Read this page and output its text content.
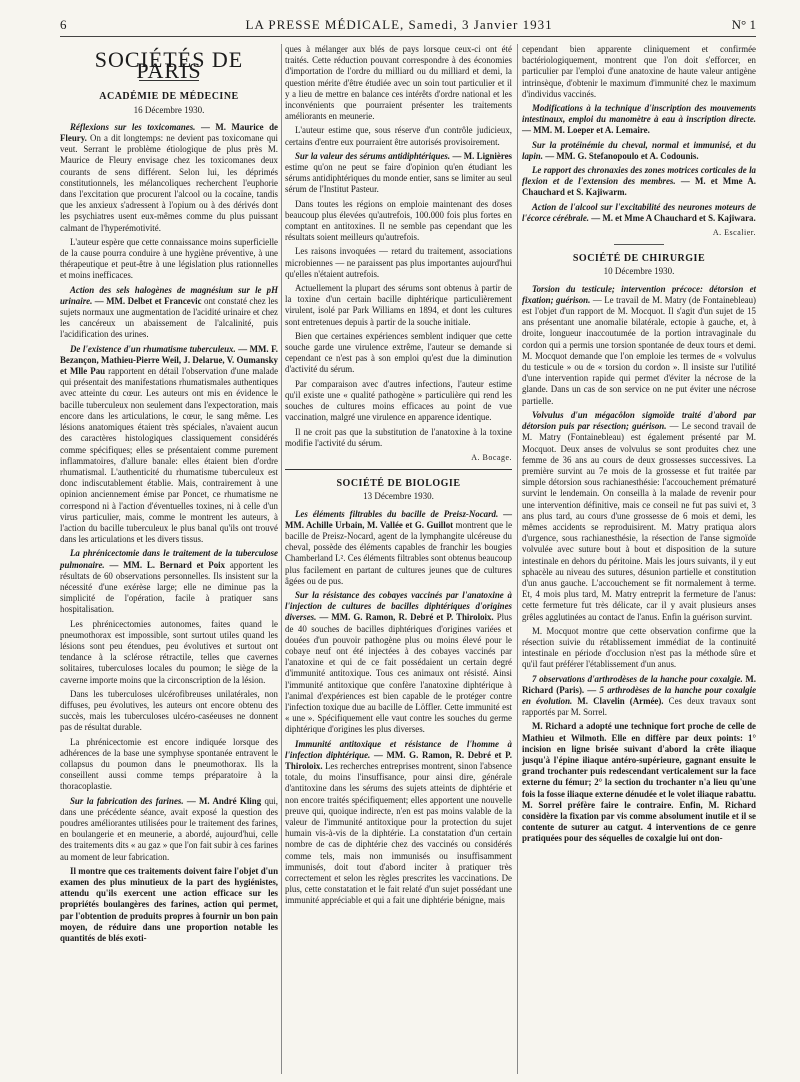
6	LA PRESSE MÉDICALE, Samedi, 3 Janvier 1931	N° 1
SOCIÉTÉS DE PARIS
ACADÉMIE DE MÉDECINE
16 Décembre 1930.

Réflexions sur les toxicomanes. — M. Maurice de Fleury. On a dit longtemps: ne devient pas toxicomane qui veut. Serrant le problème étiologique de plus près M. Maurice de Fleury envisage chez les toxicomanes deux courants de sens différent. Selon lui, les déprimés constitutionnels, les mélancoliques recherchent l'euphorie dans l'excitation que procurent l'alcool ou la cocaïne, tandis que les anxieux s'adressent à l'opium ou à des dérivés dont les psychiatres usent eux-mêmes comme du plus puissant calmant de l'hyperémotivité.

L'auteur espère que cette connaissance moins superficielle de la cause pourra conduire à une hygiène préventive, à une thérapeutique et peut-être à une législation plus rationnelles et moins inefficaces.

Action des sels halogènes de magnésium sur le pH urinaire. — MM. Delbet et Francevic ont constaté chez les sujets normaux une augmentation de l'acidité urinaire et chez les cancéreux un abaissement de l'alcalinité, puis l'acidification des urines.

De l'existence d'un rhumatisme tuberculeux. — MM. F. Bezançon, Mathieu-Pierre Weil, J. Delarue, V. Oumansky et Mlle Pau rapportent en détail l'observation d'une malade qui présentait des manifestations rhumatismales authentiques avec atteinte du cœur. Les auteurs ont mis en évidence le bacille tuberculeux non seulement dans l'expectoration, mais encore dans les articulations, le cœur, le sang même. Les lésions anatomiques étaient très spéciales, n'avaient aucun des caractères histologiques classiquement considérés comme spécifiques; elles se présentaient comme purement inflammatoires, d'allure banale: elles étaient bien d'ordre rhumatismal. L'authenticité du rhumatisme tuberculeux est donc indiscutablement établie. Mais, contrairement à une opinion anciennement émise par Poncet, ce rhumatisme ne correspond ni à l'action d'éventuelles toxines, ni à celle d'un virus particulier, mais, comme le montrent les auteurs, à l'action du bacille tuberculeux le plus banal qu'ils ont trouvé dans les articulations et les divers tissus.

La phrénicectomie dans le traitement de la tuberculose pulmonaire. — MM. L. Bernard et Poix apportent les résultats de 60 observations personnelles. Ils insistent sur la nécessité d'une exérèse large; elle ne diminue pas la simplicité de l'opération, facile à pratiquer sans hospitalisation.

Les phrénicectomies autonomes, faites quand le pneumothorax est impossible, sont surtout utiles quand les lésions sont peu étendues, peu évolutives et surtout ont tendance à la sclérose rétractile, telles que cavernes solitaires, tuberculoses locales du poumon; le siège de la caverne importe moins que la circonscription de la lésion.

Dans les tuberculoses ulcérofibreuses unilatérales, non diffuses, peu évolutives, les auteurs ont encore obtenu des succès, mais les tuberculoses ulcéro-caséeuses ne donnent pas de résultat durable.

La phrénicectomie est encore indiquée lorsque des adhérences de la base une symphyse spontanée entravent le collapsus du poumon dans le pneumothorax. Ils la conseillent aussi comme temps préparatoire à la thoracoplastie.

Sur la fabrication des farines. — M. André Kling qui, dans une précédente séance, avait exposé la question des poudres améliorantes utilisées pour le traitement des farines, en boulangerie et en meunerie, a abordé, aujourd'hui, celle des traitements dits « au gaz » que l'on fait subir à ces farines au moment de leur fabrication.

Il montre que ces traitements doivent faire l'objet d'un examen des plus minutieux de la part des hygiénistes, attendu qu'ils exercent une action efficace sur les propriétés boulangères des farines, action qui permet, par l'obtention de produits propres à fournir un bon pain moyen, de réduire dans une proportion notable les quantités de blés exoti-

ques à mélanger aux blés de pays lorsque ceux-ci ont été traités. Cette réduction pouvant correspondre à des économies d'importation de l'ordre du milliard ou du milliard et demi, la question mérite d'être étudiée avec un soin tout particulier et il y a lieu de mettre en balance ces intérêts d'ordre national et les inconvénients que pourraient présenter les traitements améliorants en meunerie.

L'auteur estime que, sous réserve d'un contrôle judicieux, certains d'entre eux pourraient être autorisés provisoirement.

Sur la valeur des sérums antidiphtériques. — M. Lignières estime qu'on ne peut se faire d'opinion qu'en étudiant les sérums antidiphtériques du monde entier, sans se limiter au seul sérum de l'Institut Pasteur.

Dans toutes les régions on emploie maintenant des doses beaucoup plus élevées qu'autrefois, 100.000 fois plus fortes en comptant en antitoxines. Il ne semble pas cependant que les résultats soient meilleurs qu'autrefois.

Les raisons invoquées — retard du traitement, associations microbiennes — ne paraissent pas plus importantes aujourd'hui qu'elles n'étaient autrefois.

Actuellement la plupart des sérums sont obtenus à partir de la toxine d'un certain bacille diphtérique particulièrement virulent, isolé par Park Williams en 1894, et dont les cultures sont entretenues depuis à partir de la souche initiale.

Bien que certaines expériences semblent indiquer que cette souche garde une virulence extrême, l'auteur se demande si cependant ce n'est pas à son emploi qu'est due la diminution d'activité du sérum.

Par comparaison avec d'autres infections, l'auteur estime qu'il existe une « qualité pathogène » particulière qui rend les souches de cultures moins efficaces au point de vue vaccination, malgré une virulence en apparence identique.

Il ne croit pas que la substitution de l'anatoxine à la toxine modifie l'activité du sérum.

A. Bocage.
SOCIÉTÉ DE BIOLOGIE
13 Décembre 1930.

Les éléments filtrables du bacille de Preisz-Nocard. — MM. Achille Urbain, M. Vallée et G. Guillot montrent que le bacille de Preisz-Nocard, agent de la lymphangite ulcéreuse du cheval, possède des éléments capables de franchir les bougies Chamberland L². Ces éléments filtrables sont obtenus beaucoup plus facilement en partant de cultures jeunes que de cultures âgées ou de pus.

Sur la résistance des cobayes vaccinés par l'anatoxine à l'injection de cultures de bacilles diphtériques d'origines diverses. — MM. G. Ramon, R. Debré et P. Thiroloix. Plus de 40 souches de bacilles diphtériques d'origines variées et douées d'un pouvoir pathogène plus ou moins élevé pour le cobaye neuf ont été injectées à des cobayes vaccinés par l'anatoxine et qui de ce fait possédaient un certain degré d'immunité antitoxique. Tous ces animaux ont résisté. Ainsi l'immunité antitoxique que confère l'anatoxine diphtérique à l'animal d'expériences est bien capable de le protéger contre l'infection toxique due au bacille de Löffler. Cette immunité est « une ». Spécifiquement elle vaut contre les souches du germe diphtérique d'origines les plus diverses.

Immunité antitoxique et résistance de l'homme à l'infection diphtérique. — MM. G. Ramon, R. Debré et P. Thiroloix. Les recherches entreprises montrent, sinon l'absence totale, du moins l'insuffisance, pour ainsi dire, générale d'antitoxine dans les sérums des sujets atteints de diphtérie et non encore traités spécifiquement; elles apportent une nouvelle preuve qui, quoique indirecte, n'en est pas moins valable de la valeur de l'immunité antitoxique pour la protection du sujet humain vis-à-vis de la diphtérie. La constatation d'un certain nombre de cas de diphtérie chez des vaccinés ou considérés comme tels, mais non immunisés ou insuffisamment immunisés, doit tout d'abord inciter à pratiquer très correctement et selon les règles prescrites les vaccinations. De plus, cette constatation et le fait relaté d'un sujet possédant une immunité appréciable et qui a fait une diphtérie bénigne, mais

cependant bien apparente cliniquement et confirmée bactériologiquement, montrent que l'on doit s'efforcer, en particulier par l'emploi d'une anatoxine de haute valeur antigène intrinsèque, d'obtenir le maximum d'immunité chez le maximum d'individus vaccinés.

Modifications à la technique d'inscription des mouvements intestinaux, emploi du manomètre à eau à inscription directe. — MM. M. Loeper et A. Lemaire.

Sur la protéinémie du cheval, normal et immunisé, et du lapin. — MM. G. Stefanopoulo et A. Codounis.

Le rapport des chronaxies des zones motrices corticales de la flexion et de l'extension des membres. — M. et Mme A. Chauchard et S. Kajiwarm.

Action de l'alcool sur l'excitabilité des neurones moteurs de l'écorce cérébrale. — M. et Mme A Chauchard et S. Kajiwara.

A. Escalier.
SOCIÉTÉ DE CHIRURGIE
10 Décembre 1930.

Torsion du testicule; intervention précoce: détorsion et fixation; guérison. — Le travail de M. Matry (de Fontainebleau) est l'objet d'un rapport de M. Mocquot. Il s'agit d'un sujet de 15 ans présentant une anomalie bilatérale, ectopie à gauche, et, à droite, longueur inaccoutumée de la portion intravaginale du cordon qui a permis une torsion spontanée de deux tours et demi. M. Mocquot demande que l'on emploie les termes de « volvulus du testicule » ou de « torsion du cordon ». Il insiste sur l'utilité d'une intervention rapide qui permet d'éviter la nécrose de la glande. Dans un cas de son service on ne put éviter une nécrose partielle.

Volvulus d'un mégacôlon sigmoïde traité d'abord par détorsion puis par résection; guérison. — Le second travail de M. Matry (Fontainebleau) est également présenté par M. Mocquot. Deux anses de volvulus se sont produites chez une femme de 36 ans au cours de deux grossesses successives. La première survint au 7e mois de la grossesse et fut traitée par simple détorsion sous rachianesthésie: l'accouchement prématuré survint le lendemain. On conseilla à la malade de revenir pour une intervention définitive, mais ce conseil ne fut pas suivi et, 3 ans plus tard, au cours d'une grossesse de 6 mois et demi, les mêmes accidents se reproduisirent. M. Matry pratiqua alors d'urgence, sous rachianesthésie, la résection de l'anse sigmoïde volvulée avec suture bout à bout et disposition de la suture intestinale en dehors du péritoine. Mais les jours suivants, il y eut sphacèle au niveau des sutures, désunion partielle et constitution d'un anus gauche. L'accouchement se fit normalement à terme. Et, 4 mois plus tard, M. Matry entreprit la fermeture de l'anus: cette fermeture fut très délicate, car il y avait plusieurs anses grêles agglutinées au contact de l'anus. Enfin la guérison survint.

M. Mocquot montre que cette observation confirme que la résection suivie du rétablissement immédiat de la continuité intestinale en période d'occlusion n'est pas la méthode sûre et qu'il faut préférer l'établissement d'un anus.

7 observations d'arthrodèses de la hanche pour coxalgie. M. Richard (Paris). — 5 arthrodèses de la hanche pour coxalgie en évolution. M. Clavelin (Armée). Ces deux travaux sont rapportés par M. Sorrel.

M. Richard a adopté une technique fort proche de celle de Mathieu et Wilmoth. Elle en diffère par deux points: 1° incision en ligne brisée suivant d'abord la crête iliaque jusqu'à l'épine iliaque antéro-supérieure, gagnant ensuite le grand trochanter puis redescendant verticalement sur la face externe du fémur; 2° la section du trochanter n'a lieu qu'une fois la fosse iliaque externe dénudée et le volet iliaque rabattu. M. Sorrel préfère faire le contraire. Enfin, M. Richard considère la fixation par vis comme absolument inutile et il se contente de suturer au catgut. 4 interventions de ce genre pratiquées pour des séquelles de coxalgie lui ont don-
